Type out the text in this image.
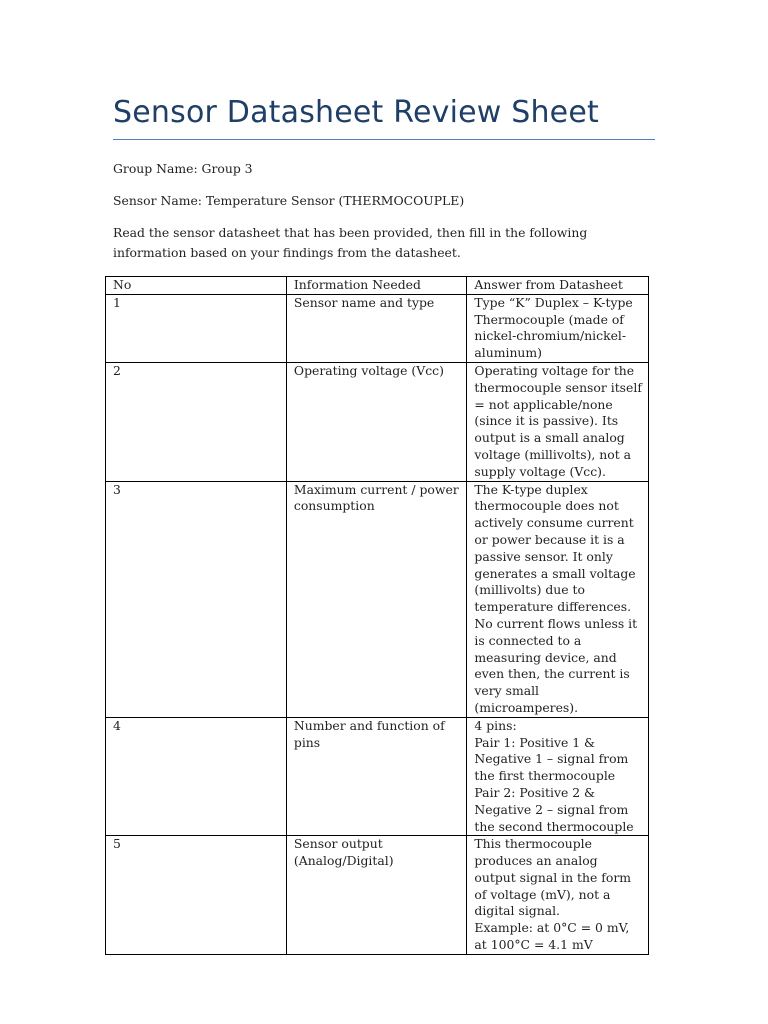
Sensor Datasheet Review Sheet
Group Name: Group 3
Sensor Name: Temperature Sensor (THERMOCOUPLE)
Read the sensor datasheet that has been provided, then fill in the following information based on your findings from the datasheet.
No	Information Needed	Answer from Datasheet
1	Sensor name and type	Type “K” Duplex – K-type Thermocouple (made of nickel-chromium/nickel-aluminum)

2	Operating voltage (Vcc)	Operating voltage for the thermocouple sensor itself = not applicable/none (since it is passive). Its output is a small analog voltage (millivolts), not a supply voltage (Vcc).

3	Maximum current / power consumption	The K-type duplex thermocouple does not actively consume current or power because it is a passive sensor. It only generates a small voltage (millivolts) due to temperature differences. No current flows unless it is connected to a measuring device, and even then, the current is very small (microamperes).

4	Number and function of pins	4 pins:
Pair 1: Positive 1 & Negative 1 – signal from the first thermocouple
Pair 2: Positive 2 & Negative 2 – signal from the second thermocouple

5	Sensor output (Analog/Digital)	This thermocouple produces an analog output signal in the form of voltage (mV), not a digital signal.
Example: at 0°C = 0 mV, at 100°C = 4.1 mV
